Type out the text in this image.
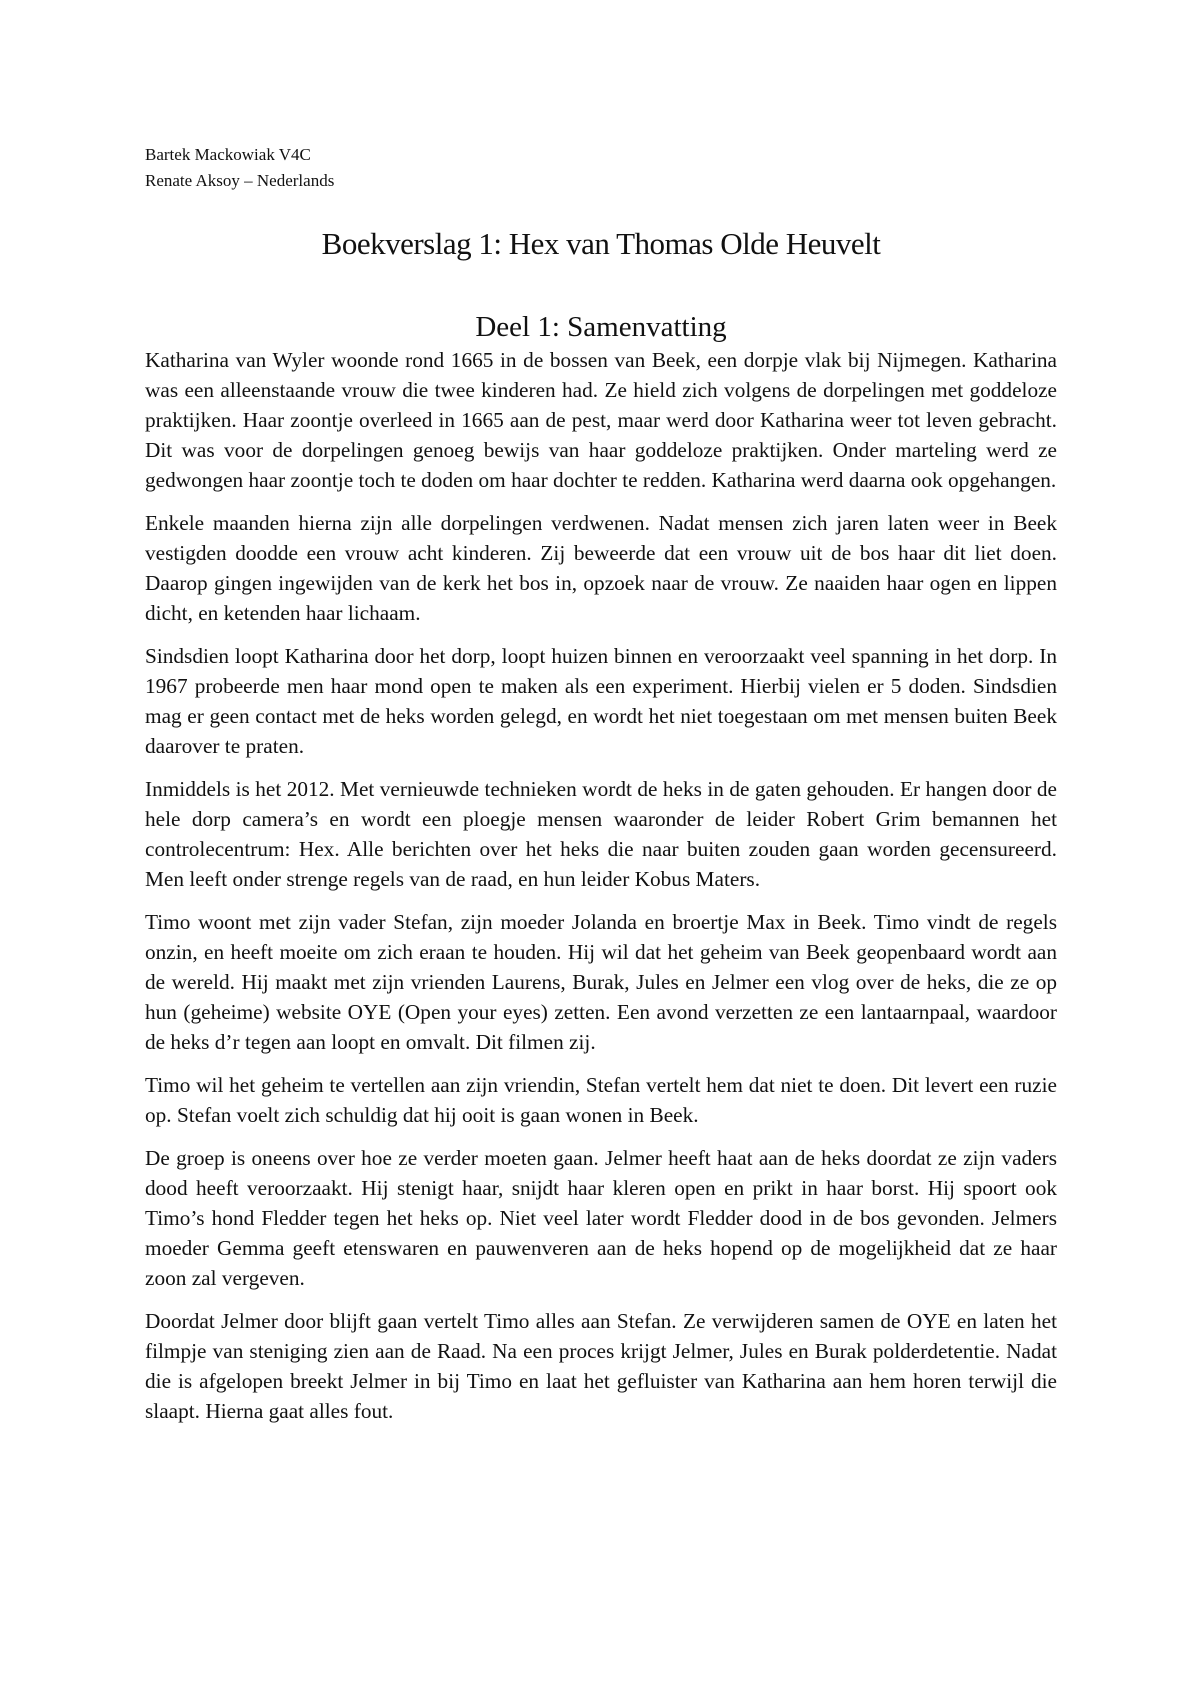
Bartek Mackowiak V4C

Renate Aksoy – Nederlands

Boekverslag 1: Hex van Thomas Olde Heuvelt
Deel 1: Samenvatting

Katharina van Wyler woonde rond 1665 in de bossen van Beek, een dorpje vlak bij Nijmegen. Katharina was een alleenstaande vrouw die twee kinderen had. Ze hield zich volgens de dorpelingen met goddeloze praktijken. Haar zoontje overleed in 1665 aan de pest, maar werd door Katharina weer tot leven gebracht. Dit was voor de dorpelingen genoeg bewijs van haar goddeloze praktijken. Onder marteling werd ze gedwongen haar zoontje toch te doden om haar dochter te redden. Katharina werd daarna ook opgehangen.

Enkele maanden hierna zijn alle dorpelingen verdwenen. Nadat mensen zich jaren laten weer in Beek vestigden doodde een vrouw acht kinderen. Zij beweerde dat een vrouw uit de bos haar dit liet doen. Daarop gingen ingewijden van de kerk het bos in, opzoek naar de vrouw. Ze naaiden haar ogen en lippen dicht, en ketenden haar lichaam.

Sindsdien loopt Katharina door het dorp, loopt huizen binnen en veroorzaakt veel spanning in het dorp. In 1967 probeerde men haar mond open te maken als een experiment. Hierbij vielen er 5 doden. Sindsdien mag er geen contact met de heks worden gelegd, en wordt het niet toegestaan om met mensen buiten Beek daarover te praten.

Inmiddels is het 2012. Met vernieuwde technieken wordt de heks in de gaten gehouden. Er hangen door de hele dorp camera’s en wordt een ploegje mensen waaronder de leider Robert Grim bemannen het controlecentrum: Hex. Alle berichten over het heks die naar buiten zouden gaan worden gecensureerd. Men leeft onder strenge regels van de raad, en hun leider Kobus Maters.

Timo woont met zijn vader Stefan, zijn moeder Jolanda en broertje Max in Beek. Timo vindt de regels onzin, en heeft moeite om zich eraan te houden. Hij wil dat het geheim van Beek geopenbaard wordt aan de wereld. Hij maakt met zijn vrienden Laurens, Burak, Jules en Jelmer een vlog over de heks, die ze op hun (geheime) website OYE (Open your eyes) zetten. Een avond verzetten ze een lantaarnpaal, waardoor de heks d’r tegen aan loopt en omvalt. Dit filmen zij.

Timo wil het geheim te vertellen aan zijn vriendin, Stefan vertelt hem dat niet te doen. Dit levert een ruzie op. Stefan voelt zich schuldig dat hij ooit is gaan wonen in Beek.

De groep is oneens over hoe ze verder moeten gaan. Jelmer heeft haat aan de heks doordat ze zijn vaders dood heeft veroorzaakt. Hij stenigt haar, snijdt haar kleren open en prikt in haar borst. Hij spoort ook Timo’s hond Fledder tegen het heks op. Niet veel later wordt Fledder dood in de bos gevonden. Jelmers moeder Gemma geeft etenswaren en pauwenveren aan de heks hopend op de mogelijkheid dat ze haar zoon zal vergeven.

Doordat Jelmer door blijft gaan vertelt Timo alles aan Stefan. Ze verwijderen samen de OYE en laten het filmpje van steniging zien aan de Raad. Na een proces krijgt Jelmer, Jules en Burak polderdetentie. Nadat die is afgelopen breekt Jelmer in bij Timo en laat het gefluister van Katharina aan hem horen terwijl die slaapt. Hierna gaat alles fout.
